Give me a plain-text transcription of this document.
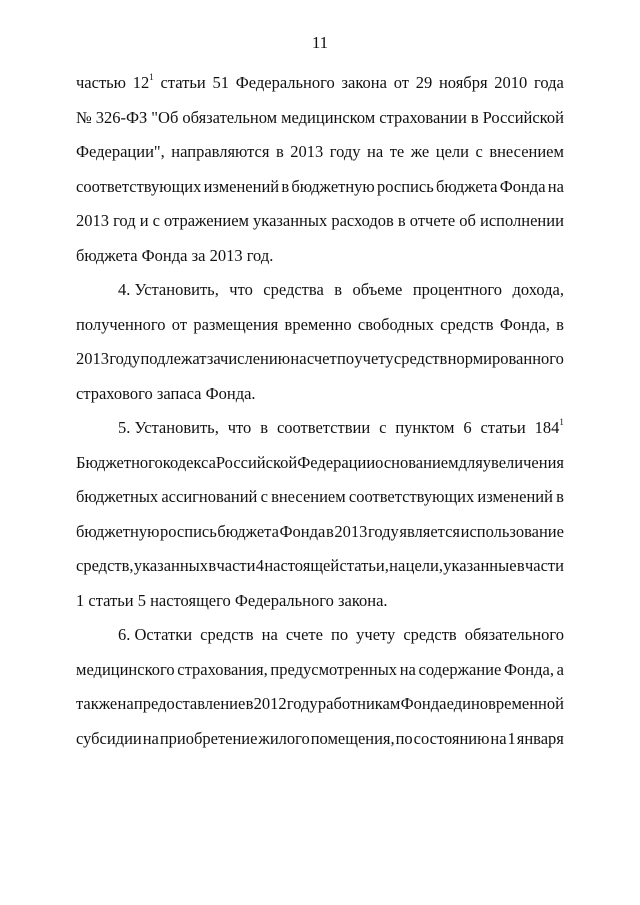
11
частью $12^1$ статьи 51 Федерального закона от 29 ноября 2010 года
№ 326-ФЗ "Об обязательном медицинском страховании в Российской
Федерации", направляются в 2013 году на те же цели с внесением
соответствующих изменений в бюджетную роспись бюджета Фонда на
2013 год и с отражением указанных расходов в отчете об исполнении
бюджета Фонда за 2013 год.
4. Установить, что средства в объеме процентного дохода,
полученного от размещения временно свободных средств Фонда, в
2013 году подлежат зачислению на счет по учету средств нормированного
страхового запаса Фонда.
5. Установить, что в соответствии с пунктом 6 статьи $184^1$
Бюджетного кодекса Российской Федерации основанием для увеличения
бюджетных ассигнований с внесением соответствующих изменений в
бюджетную роспись бюджета Фонда в 2013 году является использование
средств, указанных в части 4 настоящей статьи, на цели, указанные в части
1 статьи 5 настоящего Федерального закона.
6. Остатки средств на счете по учету средств обязательного
медицинского страхования, предусмотренных на содержание Фонда, а
также на предоставление в 2012 году работникам Фонда единовременной
субсидии на приобретение жилого помещения, по состоянию на 1 января
